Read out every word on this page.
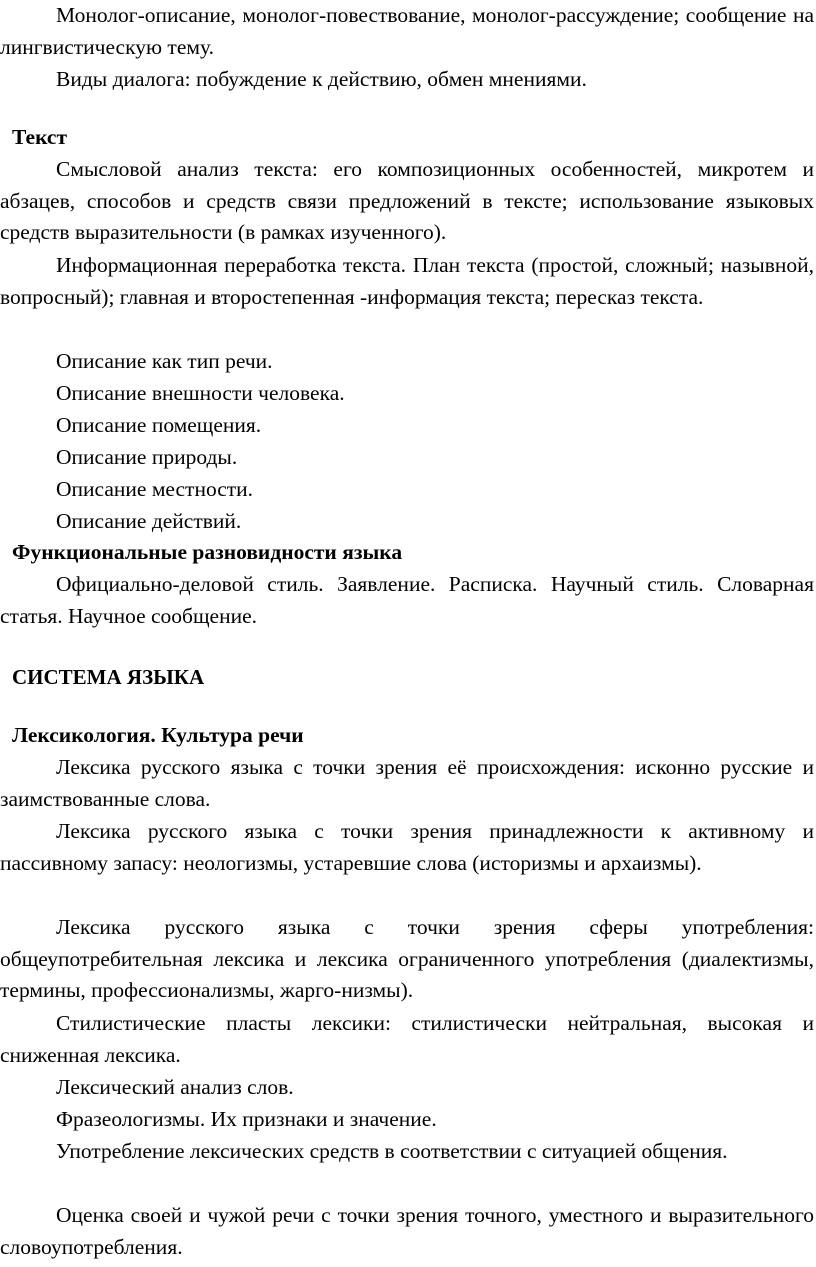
Монолог-описание, монолог-повествование, монолог-рассуждение; сообщение на лингвистическую тему.

Виды диалога: побуждение к действию, обмен мнениями.

Текст

Смысловой анализ текста: его композиционных особенностей, микротем и абзацев, способов и средств связи предложений в тексте; использование языковых средств выразительности (в рамках изученного).

Информационная переработка текста. План текста (простой, сложный; назывной, вопросный); главная и второстепенная -информация текста; пересказ текста.

Описание как тип речи.

Описание внешности человека.

Описание помещения.

Описание природы.

Описание местности.

Описание действий.

Функциональные разновидности языка

Официально-деловой стиль. Заявление. Расписка. Научный стиль. Словарная статья. Научное сообщение.

СИСТЕМА ЯЗЫКА

Лексикология. Культура речи

Лексика русского языка с точки зрения её происхождения: исконно русские и заимствованные слова.

Лексика русского языка с точки зрения принадлежности к активному и пассивному запасу: неологизмы, устаревшие слова (историзмы и архаизмы).

Лексика русского языка с точки зрения сферы употребления: общеупотребительная лексика и лексика ограниченного употребления (диалектизмы, термины, профессионализмы, жарго-низмы).

Стилистические пласты лексики: стилистически нейтральная, высокая и сниженная лексика.

Лексический анализ слов.

Фразеологизмы. Их признаки и значение.

Употребление лексических средств в соответствии с ситуацией общения.

Оценка своей и чужой речи с точки зрения точного, уместного и выразительного словоупотребления.
